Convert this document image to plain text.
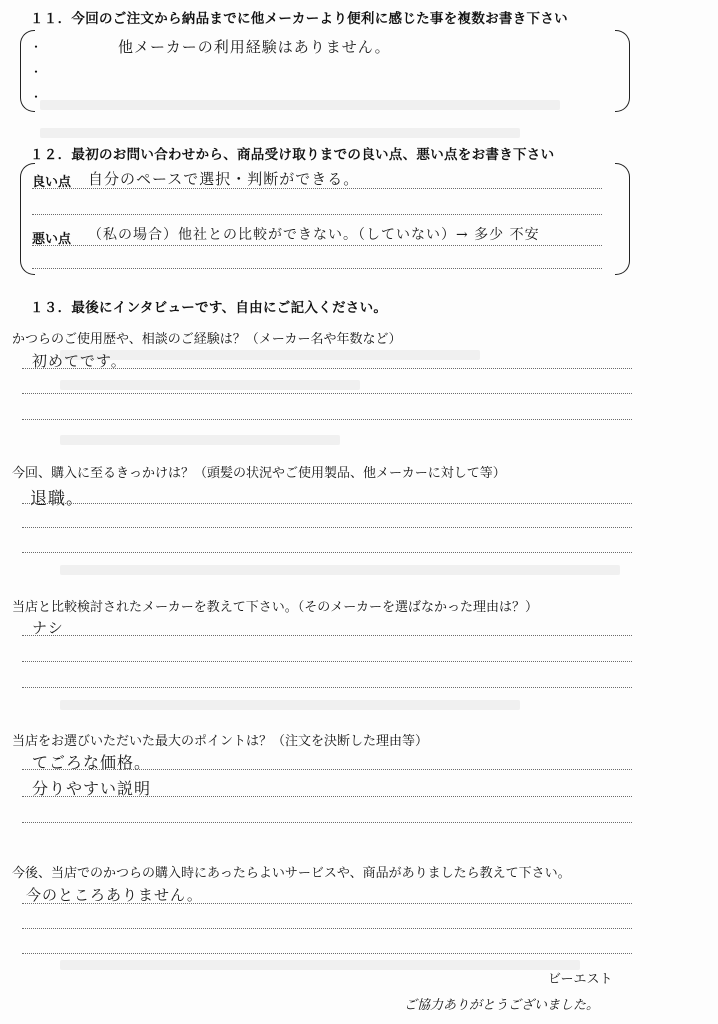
１１．今回のご注文から納品までに他メーカーより便利に感じた事を複数お書き下さい
・
・
・
他メーカーの利用経験はありません。
１２．最初のお問い合わせから、商品受け取りまでの良い点、悪い点をお書き下さい
良い点 自分のペースで選択・判断ができる。
悪い点 （私の場合）他社との比較ができない。（していない）→ 多少 不安
１３．最後にインタビューです、自由にご記入ください。
かつらのご使用歴や、相談のご経験は？（メーカー名や年数など）
初めてです。
今回、購入に至るきっかけは？（頭髪の状況やご使用製品、他メーカーに対して等）
退職。
当店と比較検討されたメーカーを教えて下さい。（そのメーカーを選ばなかった理由は？）
ナシ
当店をお選びいただいた最大のポイントは？（注文を決断した理由等）
てごろな価格。
分りやすい説明
今後、当店でのかつらの購入時にあったらよいサービスや、商品がありましたら教えて下さい。
今のところありません。
ビーエスト
ご協力ありがとうございました。
